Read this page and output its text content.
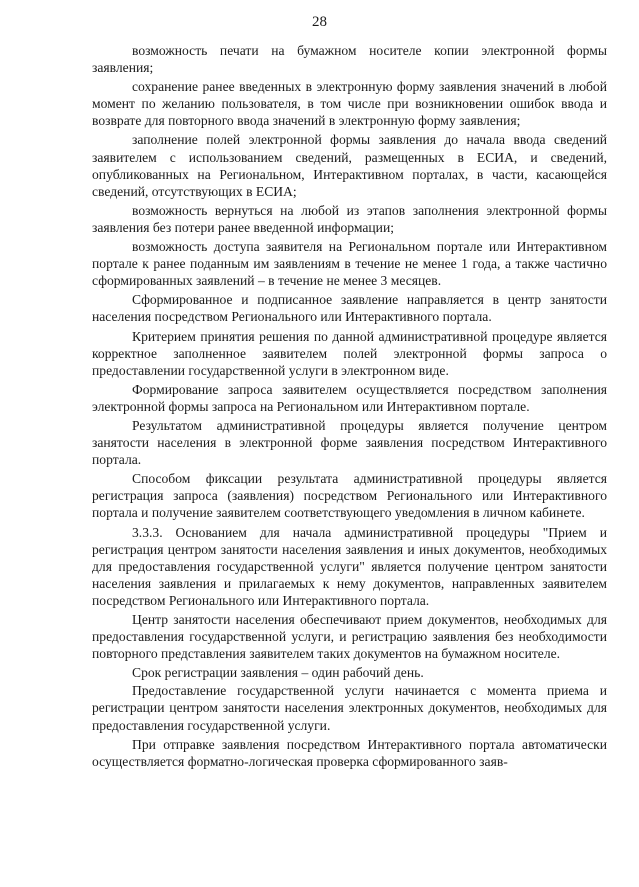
28

возможность печати на бумажном носителе копии электронной формы заявления;

сохранение ранее введенных в электронную форму заявления значений в любой момент по желанию пользователя, в том числе при возникновении ошибок ввода и возврате для повторного ввода значений в электронную форму заявления;

заполнение полей электронной формы заявления до начала ввода сведений заявителем с использованием сведений, размещенных в ЕСИА, и сведений, опубликованных на Региональном, Интерактивном порталах, в части, касающейся сведений, отсутствующих в ЕСИА;

возможность вернуться на любой из этапов заполнения электронной формы заявления без потери ранее введенной информации;

возможность доступа заявителя на Региональном портале или Интерактивном портале к ранее поданным им заявлениям в течение не менее 1 года, а также частично сформированных заявлений – в течение не менее 3 месяцев.

Сформированное и подписанное заявление направляется в центр занятости населения посредством Регионального или Интерактивного портала.

Критерием принятия решения по данной административной процедуре является корректное заполненное заявителем полей электронной формы запроса о предоставлении государственной услуги в электронном виде.

Формирование запроса заявителем осуществляется посредством заполнения электронной формы запроса на Региональном или Интерактивном портале.

Результатом административной процедуры является получение центром занятости населения в электронной форме заявления посредством Интерактивного портала.

Способом фиксации результата административной процедуры является регистрация запроса (заявления) посредством Регионального или Интерактивного портала и получение заявителем соответствующего уведомления в личном кабинете.

3.3.3. Основанием для начала административной процедуры "Прием и регистрация центром занятости населения заявления и иных документов, необходимых для предоставления государственной услуги" является получение центром занятости населения заявления и прилагаемых к нему документов, направленных заявителем посредством Регионального или Интерактивного портала.

Центр занятости населения обеспечивают прием документов, необходимых для предоставления государственной услуги, и регистрацию заявления без необходимости повторного представления заявителем таких документов на бумажном носителе.

Срок регистрации заявления – один рабочий день.

Предоставление государственной услуги начинается с момента приема и регистрации центром занятости населения электронных документов, необходимых для предоставления государственной услуги.

При отправке заявления посредством Интерактивного портала автоматически осуществляется форматно-логическая проверка сформированного заяв-
